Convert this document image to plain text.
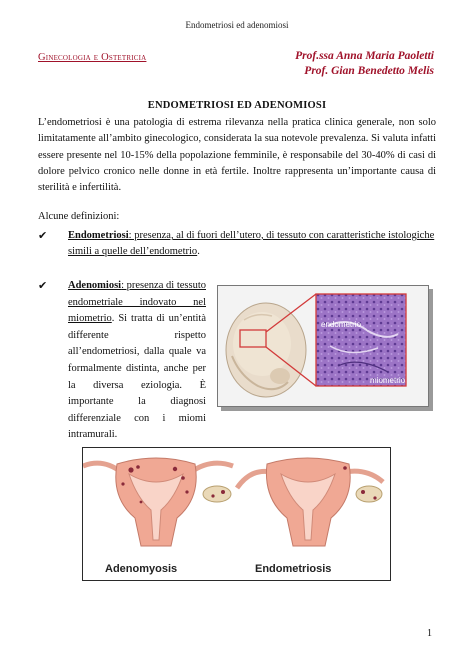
Endometriosi ed adenomiosi
Ginecologia e Ostetricia	Prof.ssa Anna Maria Paoletti
Prof. Gian Benedetto Melis
ENDOMETRIOSI ED ADENOMIOSI

L’endometriosi è una patologia di estrema rilevanza nella pratica clinica generale, non solo limitatamente all’ambito ginecologico, considerata la sua notevole prevalenza. Si valuta infatti essere presente nel 10-15% della popolazione femminile, è responsabile del 30-40% di casi di dolore pelvico cronico nelle donne in età fertile. Inoltre rappresenta un’importante causa di sterilità e infertilità.

Alcune definizioni:
✔	Endometriosi: presenza, al di fuori dell’utero, di tessuto con caratteristiche istologiche simili a quelle dell’endometrio.
✔	Adenomiosi: presenza di tessuto endometriale indovato nel miometrio. Si tratta di un’entità differente rispetto all’endometriosi, dalla quale va formalmente distinta, anche per la diversa eziologia. È importante la diagnosi differenziale con i miomi intramurali.
endometrio
miometrio
Adenomyosis	Endometriosis
1
